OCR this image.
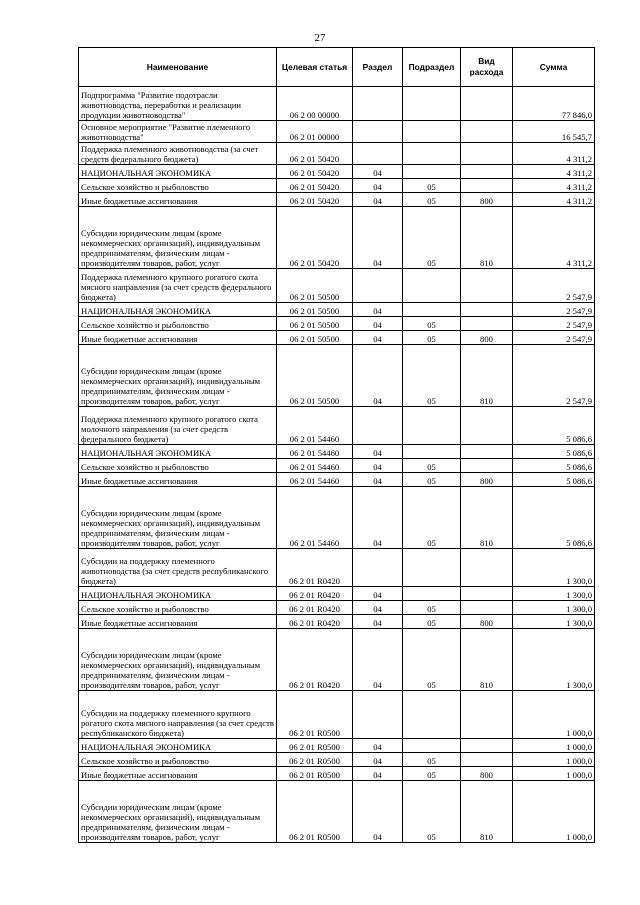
27
Наименование	Целевая статья	Раздел	Подраздел	Вид расхода	Сумма
Подпрограмма "Развитие подотрасли животноводства, переработки и реализации продукции животноводства"	06 2 00 00000				77 846,0
Основное мероприятие "Развитие племенного животноводства"	06 2 01 00000				16 545,7
Поддержка племенного животноводства (за счет средств федерального бюджета)	06 2 01 50420				4 311,2
НАЦИОНАЛЬНАЯ ЭКОНОМИКА	06 2 01 50420	04			4 311,2
Сельское хозяйство и рыболовство	06 2 01 50420	04	05		4 311,2
Иные бюджетные ассигнования	06 2 01 50420	04	05	800	4 311,2
Субсидии юридическим лицам (кроме некоммерческих организаций), индивидуальным предпринимателям, физическим лицам - производителям товаров, работ, услуг	06 2 01 50420	04	05	810	4 311,2
Поддержка племенного крупного рогатого скота мясного направления (за счет средств федерального бюджета)	06 2 01 50500				2 547,9
НАЦИОНАЛЬНАЯ ЭКОНОМИКА	06 2 01 50500	04			2 547,9
Сельское хозяйство и рыболовство	06 2 01 50500	04	05		2 547,9
Иные бюджетные ассигнования	06 2 01 50500	04	05	800	2 547,9
Субсидии юридическим лицам (кроме некоммерческих организаций), индивидуальным предпринимателям, физическим лицам - производителям товаров, работ, услуг	06 2 01 50500	04	05	810	2 547,9
Поддержка племенного крупного рогатого скота молочного направления (за счет средств федерального бюджета)	06 2 01 54460				5 086,6
НАЦИОНАЛЬНАЯ ЭКОНОМИКА	06 2 01 54460	04			5 086,6
Сельское хозяйство и рыболовство	06 2 01 54460	04	05		5 086,6
Иные бюджетные ассигнования	06 2 01 54460	04	05	800	5 086,6
Субсидии юридическим лицам (кроме некоммерческих организаций), индивидуальным предпринимателям, физическим лицам - производителям товаров, работ, услуг	06 2 01 54460	04	05	810	5 086,6
Субсидии на поддержку племенного животноводства (за счет средств республиканского бюджета)	06 2 01 R0420				1 300,0
НАЦИОНАЛЬНАЯ ЭКОНОМИКА	06 2 01 R0420	04			1 300,0
Сельское хозяйство и рыболовство	06 2 01 R0420	04	05		1 300,0
Иные бюджетные ассигнования	06 2 01 R0420	04	05	800	1 300,0
Субсидии юридическим лицам (кроме некоммерческих организаций), индивидуальным предпринимателям, физическим лицам - производителям товаров, работ, услуг	06 2 01 R0420	04	05	810	1 300,0
Субсидии на поддержку племенного крупного рогатого скота мясного направления (за счет средств республиканского бюджета)	06 2 01 R0500				1 000,0
НАЦИОНАЛЬНАЯ ЭКОНОМИКА	06 2 01 R0500	04			1 000,0
Сельское хозяйство и рыболовство	06 2 01 R0500	04	05		1 000,0
Иные бюджетные ассигнования	06 2 01 R0500	04	05	800	1 000,0
Субсидии юридическим лицам (кроме некоммерческих организаций), индивидуальным предпринимателям, физическим лицам - производителям товаров, работ, услуг	06 2 01 R0500	04	05	810	1 000,0
